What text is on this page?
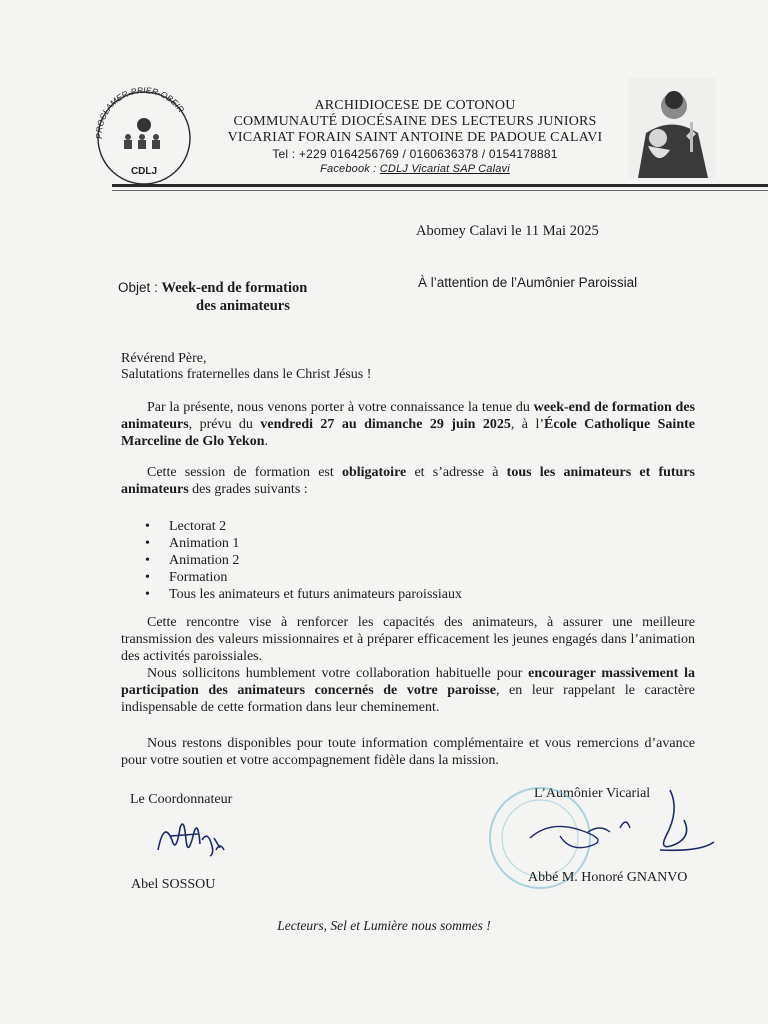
PROCLAMER-PRIER-OBEIR
CDLJ
ARCHIDIOCESE DE COTONOU
COMMUNAUTÉ DIOCÉSAINE DES LECTEURS JUNIORS
VICARIAT FORAIN SAINT ANTOINE DE PADOUE CALAVI
Tel : +229 0164256769 / 0160636378 / 0154178881
Facebook : CDLJ Vicariat SAP Calavi
Abomey Calavi le 11 Mai 2025
Objet : Week-end de formation
des animateurs
À l’attention de l’Aumônier Paroissial
Révérend Père,
Salutations fraternelles dans le Christ Jésus !
Par la présente, nous venons porter à votre connaissance la tenue du week-end de formation des animateurs, prévu du vendredi 27 au dimanche 29 juin 2025, à l’École Catholique Sainte Marceline de Glo Yekon.
Cette session de formation est obligatoire et s’adresse à tous les animateurs et futurs animateurs des grades suivants :
• Lectorat 2
• Animation 1
• Animation 2
• Formation
• Tous les animateurs et futurs animateurs paroissiaux
Cette rencontre vise à renforcer les capacités des animateurs, à assurer une meilleure transmission des valeurs missionnaires et à préparer efficacement les jeunes engagés dans l’animation des activités paroissiales.
Nous sollicitons humblement votre collaboration habituelle pour encourager massivement la participation des animateurs concernés de votre paroisse, en leur rappelant le caractère indispensable de cette formation dans leur cheminement.
Nous restons disponibles pour toute information complémentaire et vous remercions d’avance pour votre soutien et votre accompagnement fidèle dans la mission.
Le Coordonnateur	L’Aumônier Vicarial
Abel SOSSOU	Abbé M. Honoré GNANVO
Lecteurs, Sel et Lumière nous sommes !
